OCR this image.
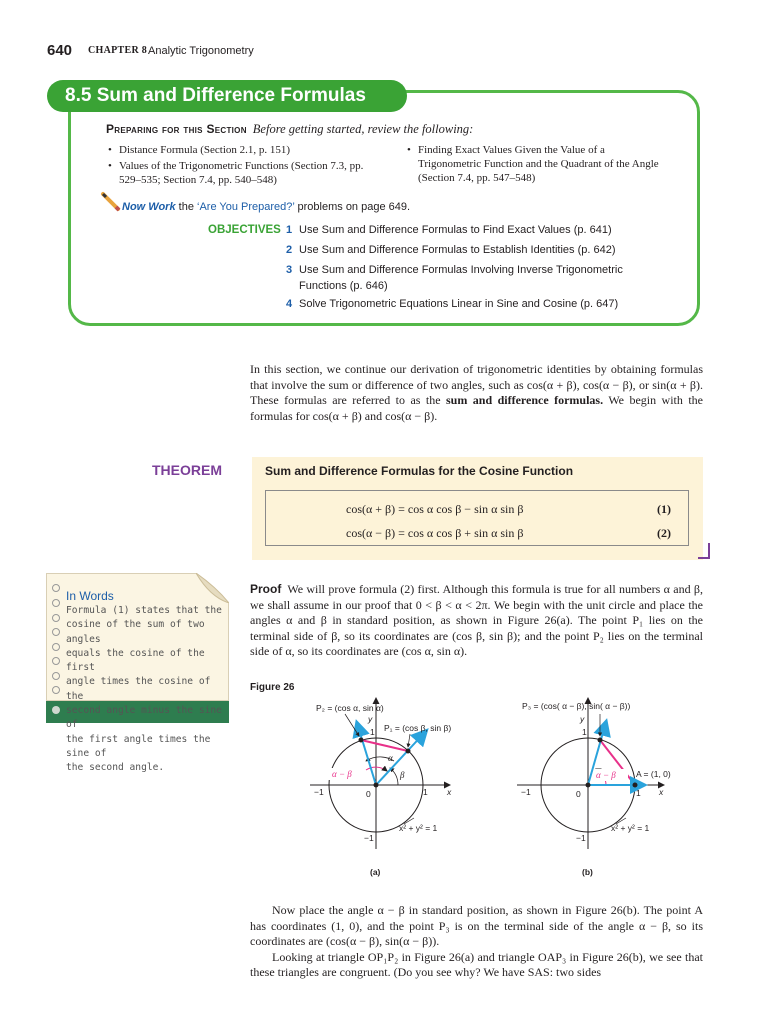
640 CHAPTER 8 Analytic Trigonometry
8.5 Sum and Difference Formulas
Preparing for this Section Before getting started, review the following:
• Distance Formula (Section 2.1, p. 151)
• Values of the Trigonometric Functions (Section 7.3, pp. 529–535; Section 7.4, pp. 540–548)
• Finding Exact Values Given the Value of a Trigonometric Function and the Quadrant of the Angle (Section 7.4, pp. 547–548)
Now Work the ‘Are You Prepared?’ problems on page 649.
OBJECTIVES 1 Use Sum and Difference Formulas to Find Exact Values (p. 641)
2 Use Sum and Difference Formulas to Establish Identities (p. 642)
3 Use Sum and Difference Formulas Involving Inverse Trigonometric Functions (p. 646)
4 Solve Trigonometric Equations Linear in Sine and Cosine (p. 647)
In this section, we continue our derivation of trigonometric identities by obtaining formulas that involve the sum or difference of two angles, such as cos(α + β), cos(α − β), or sin(α + β). These formulas are referred to as the sum and difference formulas. We begin with the formulas for cos(α + β) and cos(α − β).
THEOREM	Sum and Difference Formulas for the Cosine Function
cos(α + β) = cos α cos β − sin α sin β	(1)
cos(α − β) = cos α cos β + sin α sin β	(2)
In Words
Formula (1) states that the
cosine of the sum of two angles
equals the cosine of the first
angle times the cosine of the
second angle minus the sine of
the first angle times the sine of
the second angle.
Proof We will prove formula (2) first. Although this formula is true for all numbers α and β, we shall assume in our proof that 0 < β < α < 2π. We begin with the unit circle and place the angles α and β in standard position, as shown in Figure 26(a). The point P₁ lies on the terminal side of β, so its coordinates are (cos β, sin β); and the point P₂ lies on the terminal side of α, so its coordinates are (cos α, sin α).
Figure 26
P₂ = (cos α, sin α)
P₁ = (cos β, sin β)
y
1
1 x
−1
−1
0
α
β
α − β
x² + y² = 1
(a)
P₃ = (cos( α − β), sin( α − β))
y
1
A = (1, 0)
1 x
−1
−1
0
α − β
x² + y² = 1
(b)

Now place the angle α − β in standard position, as shown in Figure 26(b). The point A has coordinates (1, 0), and the point P₃ is on the terminal side of the angle α − β, so its coordinates are (cos(α − β), sin(α − β)).

Looking at triangle OP₁P₂ in Figure 26(a) and triangle OAP₃ in Figure 26(b), we see that these triangles are congruent. (Do you see why? We have SAS: two sides
